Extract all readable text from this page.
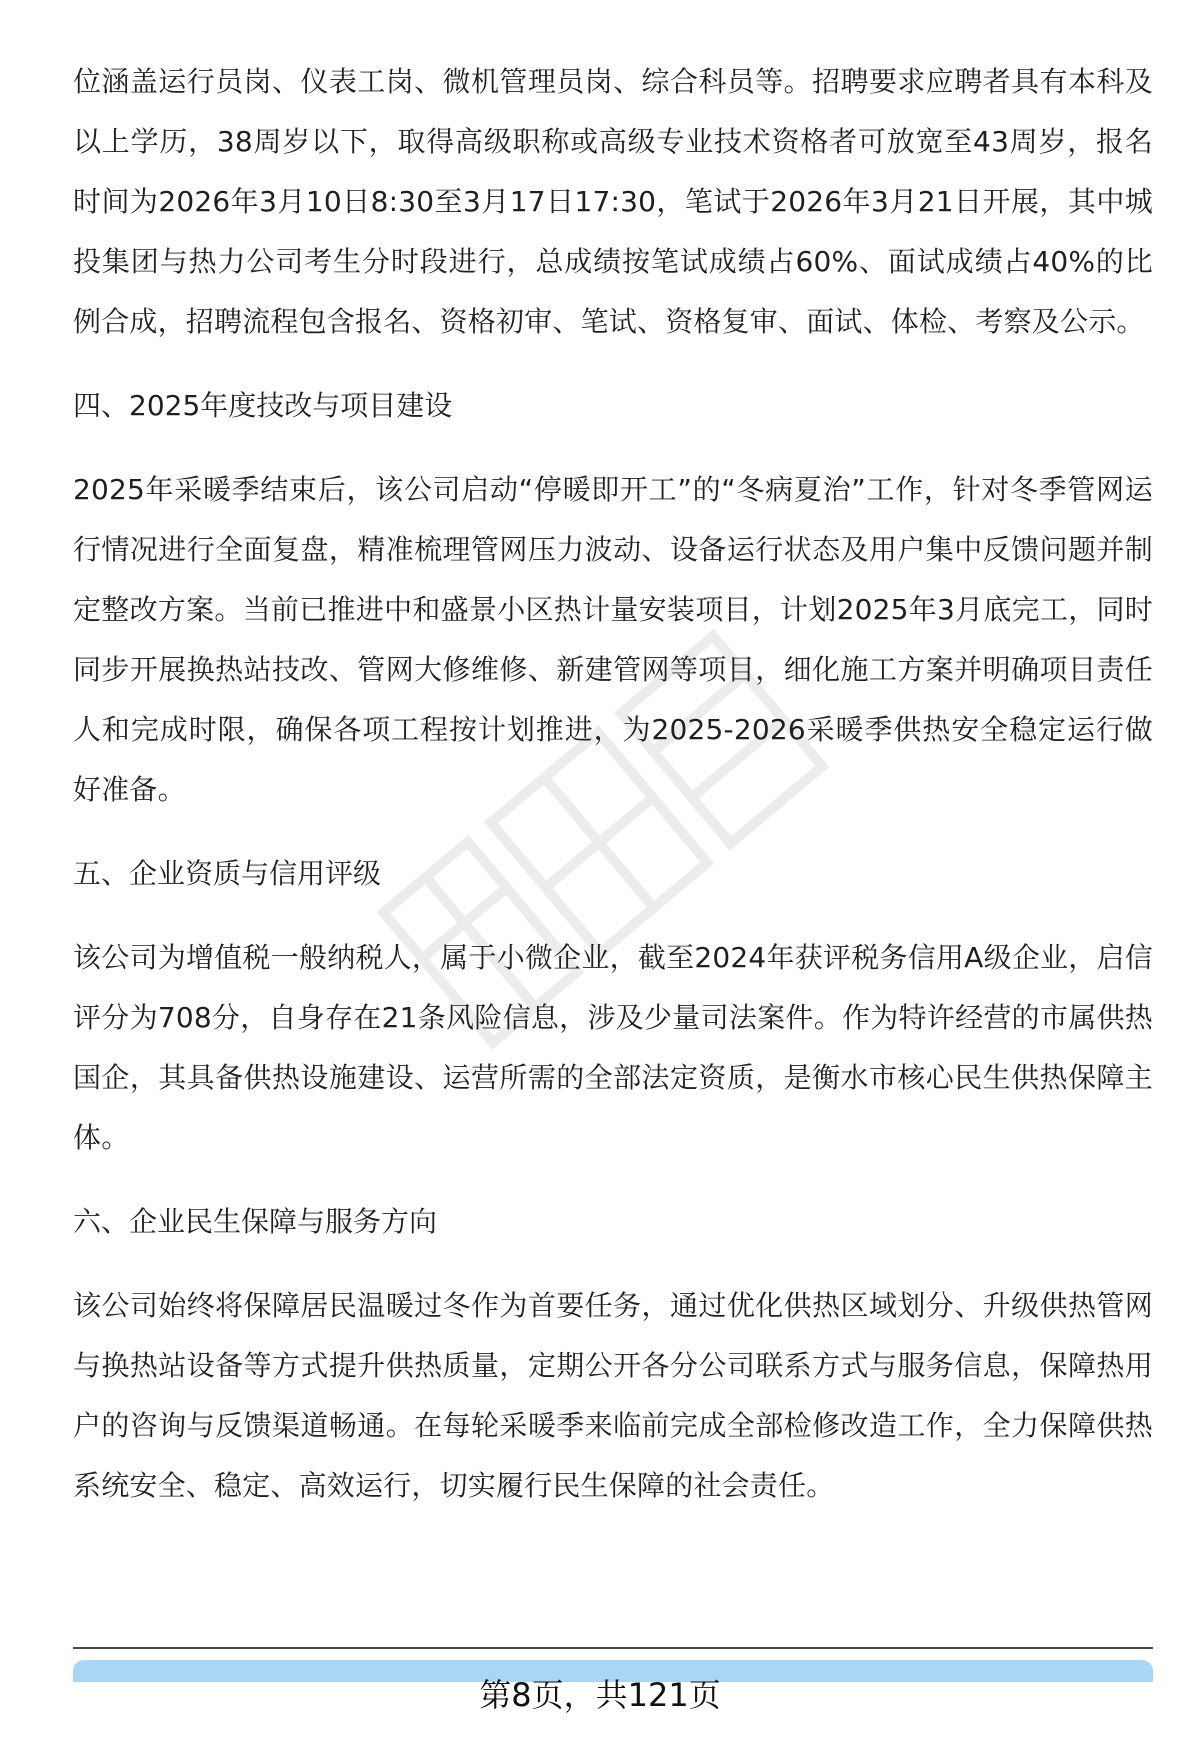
位涵盖运行员岗、仪表工岗、微机管理员岗、综合科员等。招聘要求应聘者具有本科及以上学历，38周岁以下，取得高级职称或高级专业技术资格者可放宽至43周岁，报名时间为2026年3月10日8:30至3月17日17:30，笔试于2026年3月21日开展，其中城投集团与热力公司考生分时段进行，总成绩按笔试成绩占60%、面试成绩占40%的比例合成，招聘流程包含报名、资格初审、笔试、资格复审、面试、体检、考察及公示。

四、2025年度技改与项目建设

2025年采暖季结束后，该公司启动“停暖即开工”的“冬病夏治”工作，针对冬季管网运行情况进行全面复盘，精准梳理管网压力波动、设备运行状态及用户集中反馈问题并制定整改方案。当前已推进中和盛景小区热计量安装项目，计划2025年3月底完工，同时同步开展换热站技改、管网大修维修、新建管网等项目，细化施工方案并明确项目责任人和完成时限，确保各项工程按计划推进，为2025-2026采暖季供热安全稳定运行做好准备。

五、企业资质与信用评级

该公司为增值税一般纳税人，属于小微企业，截至2024年获评税务信用A级企业，启信评分为708分，自身存在21条风险信息，涉及少量司法案件。作为特许经营的市属供热国企，其具备供热设施建设、运营所需的全部法定资质，是衡水市核心民生供热保障主体。

六、企业民生保障与服务方向

该公司始终将保障居民温暖过冬作为首要任务，通过优化供热区域划分、升级供热管网与换热站设备等方式提升供热质量，定期公开各分公司联系方式与服务信息，保障热用户的咨询与反馈渠道畅通。在每轮采暖季来临前完成全部检修改造工作，全力保障供热系统安全、稳定、高效运行，切实履行民生保障的社会责任。

第8页，共121页
